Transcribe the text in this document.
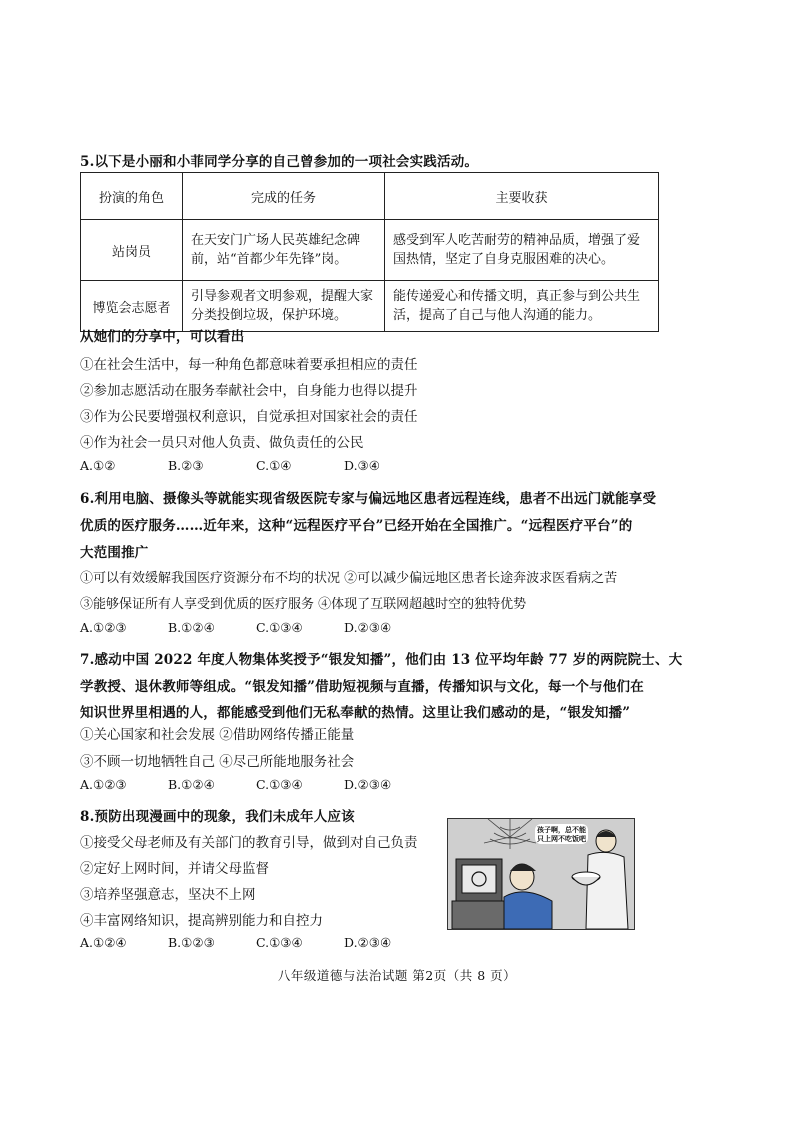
5.以下是小丽和小菲同学分享的自己曾参加的一项社会实践活动。
扮演的角色	完成的任务	主要收获
站岗员	在天安门广场人民英雄纪念碑前，站“首都少年先锋”岗。	感受到军人吃苦耐劳的精神品质，增强了爱国热情，坚定了自身克服困难的决心。
博览会志愿者	引导参观者文明参观，提醒大家分类投倒垃圾，保护环境。	能传递爱心和传播文明，真正参与到公共生活，提高了自己与他人沟通的能力。
从她们的分享中，可以看出
①在社会生活中，每一种角色都意味着要承担相应的责任
②参加志愿活动在服务奉献社会中，自身能力也得以提升
③作为公民要增强权利意识，自觉承担对国家社会的责任
④作为社会一员只对他人负责、做负责任的公民
A.①②	B.②③	C.①④	D.③④
6.利用电脑、摄像头等就能实现省级医院专家与偏远地区患者远程连线，患者不出远门就能享受
优质的医疗服务……近年来，这种“远程医疗平台”已经开始在全国推广。“远程医疗平台”的
大范围推广
①可以有效缓解我国医疗资源分布不均的状况 ②可以减少偏远地区患者长途奔波求医看病之苦
③能够保证所有人享受到优质的医疗服务 ④体现了互联网超越时空的独特优势
A.①②③	B.①②④	C.①③④	D.②③④
7.感动中国 2022 年度人物集体奖授予“银发知播”，他们由 13 位平均年龄 77 岁的两院院士、大
学教授、退休教师等组成。“银发知播”借助短视频与直播，传播知识与文化，每一个与他们在
知识世界里相遇的人，都能感受到他们无私奉献的热情。这里让我们感动的是，“银发知播”
①关心国家和社会发展 ②借助网络传播正能量
③不顾一切地牺牲自己 ④尽己所能地服务社会
A.①②③	B.①②④	C.①③④	D.②③④
8.预防出现漫画中的现象，我们未成年人应该
①接受父母老师及有关部门的教育引导，做到对自己负责
②定好上网时间，并请父母监督
③培养坚强意志，坚决不上网
④丰富网络知识，提高辨别能力和自控力
A.①②④	B.①②③	C.①③④	D.②③④
孩子啊，总不能
只上网不吃饭吧
八年级道德与法治试题 第2页（共 8 页）
